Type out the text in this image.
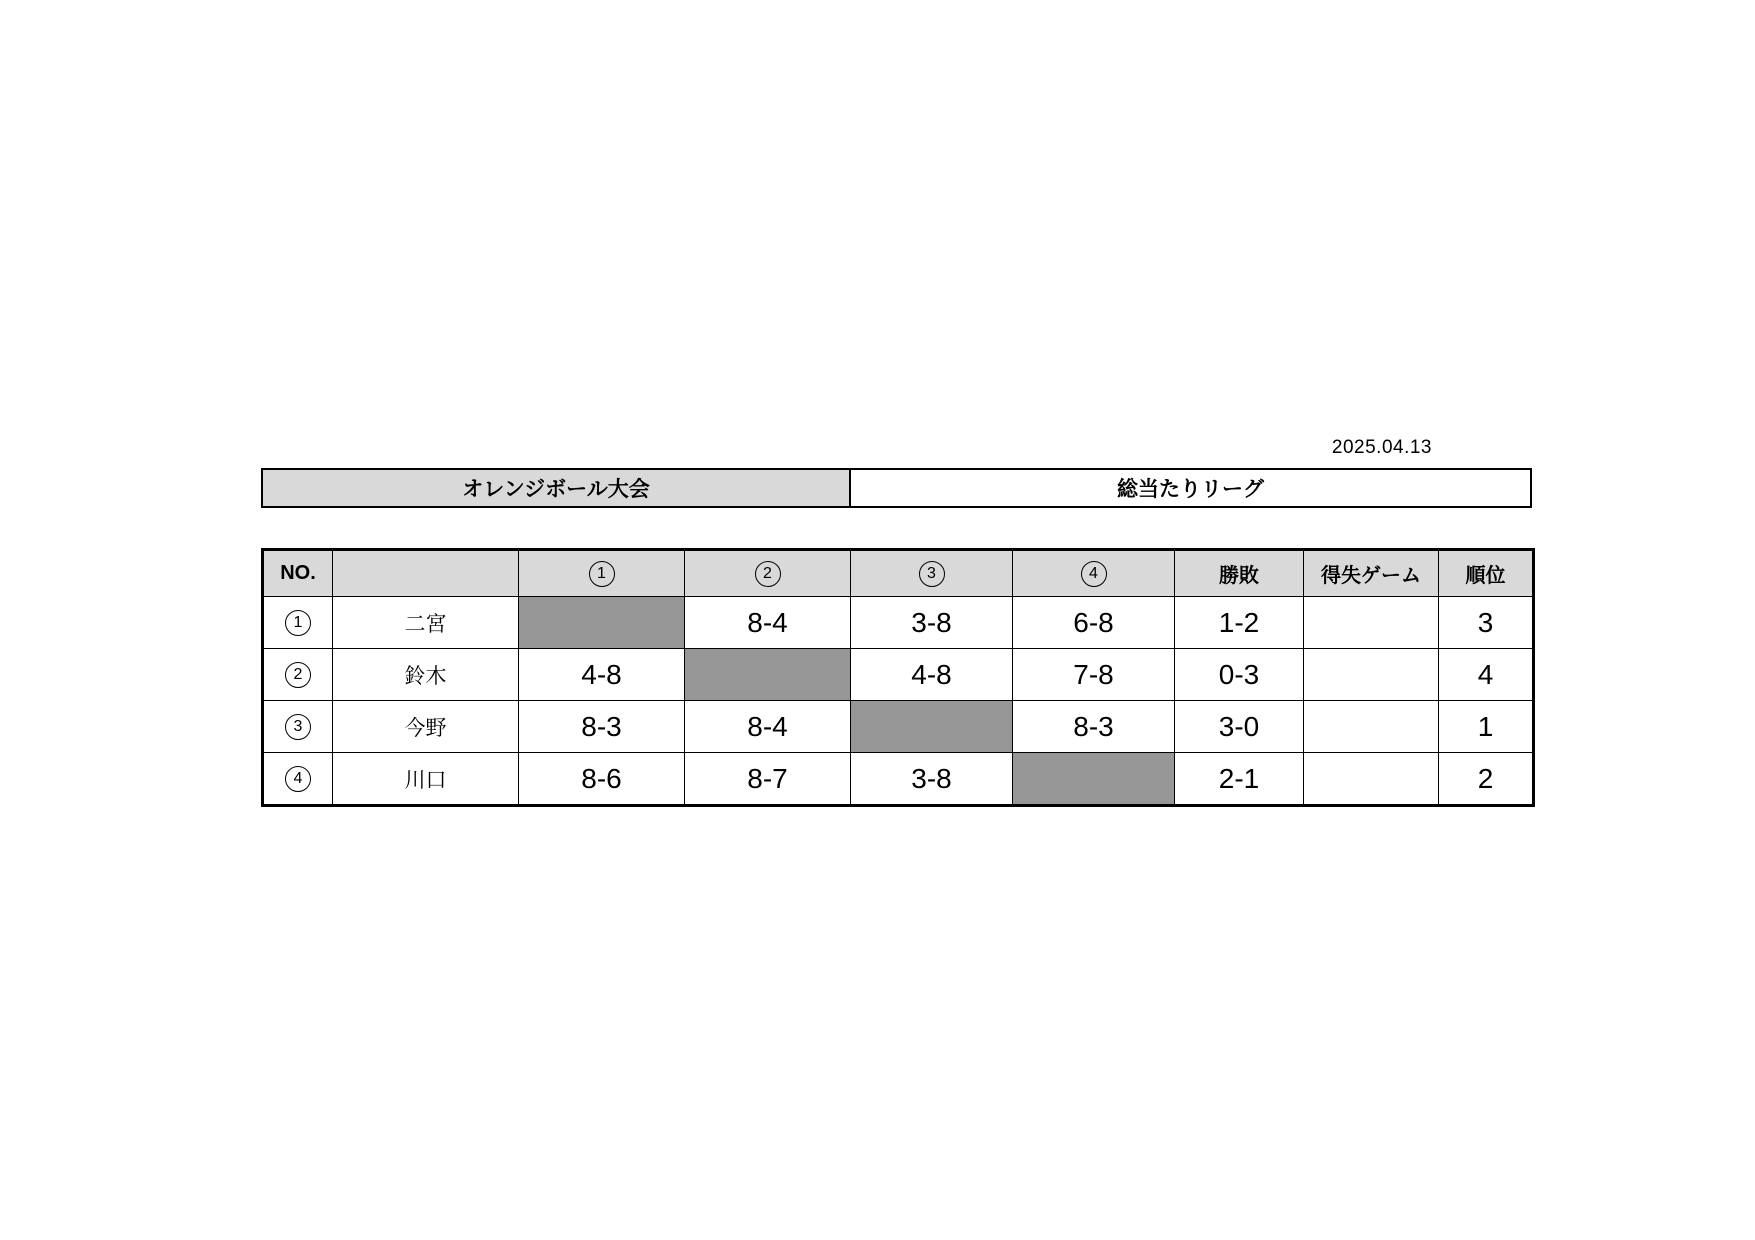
2025.04.13
オレンジボール大会	総当たりリーグ
NO.		1	2	3	4	勝敗	得失ゲーム	順位
1	二宮		8-4	3-8	6-8	1-2		3
2	鈴木	4-8		4-8	7-8	0-3		4
3	今野	8-3	8-4		8-3	3-0		1
4	川口	8-6	8-7	3-8		2-1		2
